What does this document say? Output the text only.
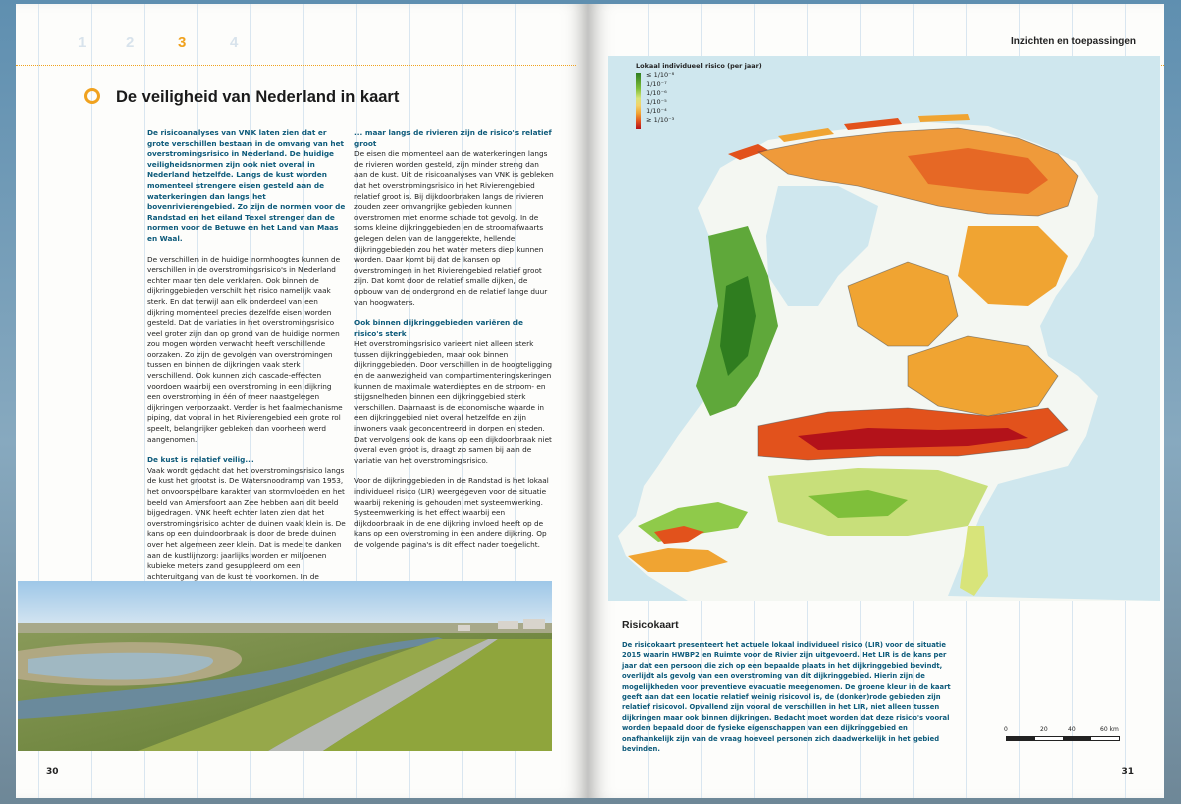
1	2	3	4
De veiligheid van Nederland in kaart

De risicoanalyses van VNK laten zien dat er grote verschillen bestaan in de omvang van het overstromingsrisico in Nederland. De huidige veiligheidsnormen zijn ook niet overal in Nederland hetzelfde. Langs de kust worden momenteel strengere eisen gesteld aan de waterkeringen dan langs het bovenrivierengebied. Zo zijn de normen voor de Randstad en het eiland Texel strenger dan de normen voor de Betuwe en het Land van Maas en Waal.

De verschillen in de huidige normhoogtes kunnen de verschillen in de overstromingsrisico's in Nederland echter maar ten dele verklaren. Ook binnen de dijkringgebieden verschilt het risico namelijk vaak sterk. En dat terwijl aan elk onderdeel van een dijkring momenteel precies dezelfde eisen worden gesteld. Dat de variaties in het overstromingsrisico veel groter zijn dan op grond van de huidige normen zou mogen worden verwacht heeft verschillende oorzaken. Zo zijn de gevolgen van overstromingen tussen en binnen de dijkringen vaak sterk verschillend. Ook kunnen zich cascade-effecten voordoen waarbij een overstroming in een dijkring een overstroming in één of meer naastgelegen dijkringen veroorzaakt. Verder is het faalmechanisme piping, dat vooral in het Rivierengebied een grote rol speelt, belangrijker gebleken dan voorheen werd aangenomen.

De kust is relatief veilig...

Vaak wordt gedacht dat het overstromingsrisico langs de kust het grootst is. De Watersnoodramp van 1953, het onvoorspelbare karakter van stormvloeden en het beeld van Amersfoort aan Zee hebben aan dit beeld bijgedragen. VNK heeft echter laten zien dat het overstromingsrisico achter de duinen vaak klein is. De kans op een duindoorbraak is door de brede duinen over het algemeen zeer klein. Dat is mede te danken aan de kustlijnzorg: jaarlijks worden er miljoenen kubieke meters zand gesuppleerd om een achteruitgang van de kust te voorkomen. In de

... maar langs de rivieren zijn de risico's relatief groot

De eisen die momenteel aan de waterkeringen langs de rivieren worden gesteld, zijn minder streng dan aan de kust. Uit de risicoanalyses van VNK is gebleken dat het overstromingsrisico in het Rivierengebied relatief groot is. Bij dijkdoorbraken langs de rivieren zouden zeer omvangrijke gebieden kunnen overstromen met enorme schade tot gevolg. In de soms kleine dijkringgebieden en de stroomafwaarts gelegen delen van de langgerekte, hellende dijkringgebieden zou het water meters diep kunnen worden. Daar komt bij dat de kansen op overstromingen in het Rivierengebied relatief groot zijn. Dat komt door de relatief smalle dijken, de opbouw van de ondergrond en de relatief lange duur van hoogwaters.

Ook binnen dijkringgebieden variëren de risico's sterk

Het overstromingsrisico varieert niet alleen sterk tussen dijkringgebieden, maar ook binnen dijkringgebieden. Door verschillen in de hoogteligging en de aanwezigheid van compartimenteringskeringen kunnen de maximale waterdieptes en de stroom- en stijgsnelheden binnen een dijkringgebied sterk verschillen. Daarnaast is de economische waarde in een dijkringgebied niet overal hetzelfde en zijn inwoners vaak geconcentreerd in dorpen en steden. Dat vervolgens ook de kans op een dijkdoorbraak niet overal even groot is, draagt zo samen bij aan de variatie van het overstromingsrisico.

Voor de dijkringgebieden in de Randstad is het lokaal individueel risico (LIR) weergegeven voor de situatie waarbij rekening is gehouden met systeemwerking. Systeemwerking is het effect waarbij een dijkdoorbraak in de ene dijkring invloed heeft op de kans op een overstroming in een andere dijkring. Op de volgende pagina's is dit effect nader toegelicht.

30
Inzichten en toepassingen
Lokaal individueel risico (per jaar)

≤ 1/10⁻⁸
1/10⁻⁷
1/10⁻⁶
1/10⁻⁵
1/10⁻⁴
≥ 1/10⁻³
Risicokaart
De risicokaart presenteert het actuele lokaal individueel risico (LIR) voor de situatie 2015 waarin HWBP2 en Ruimte voor de Rivier zijn uitgevoerd. Het LIR is de kans per jaar dat een persoon die zich op een bepaalde plaats in het dijkringgebied bevindt, overlijdt als gevolg van een overstroming van dit dijkringgebied. Hierin zijn de mogelijkheden voor preventieve evacuatie meegenomen. De groene kleur in de kaart geeft aan dat een locatie relatief weinig risicovol is, de (donker)rode gebieden zijn relatief risicovol. Opvallend zijn vooral de verschillen in het LIR, niet alleen tussen dijkringen maar ook binnen dijkringen. Bedacht moet worden dat deze risico's vooral worden bepaald door de fysieke eigenschappen van een dijkringgebied en onafhankelijk zijn van de vraag hoeveel personen zich daadwerkelijk in het gebied bevinden.
0	20	40	60 km
31
